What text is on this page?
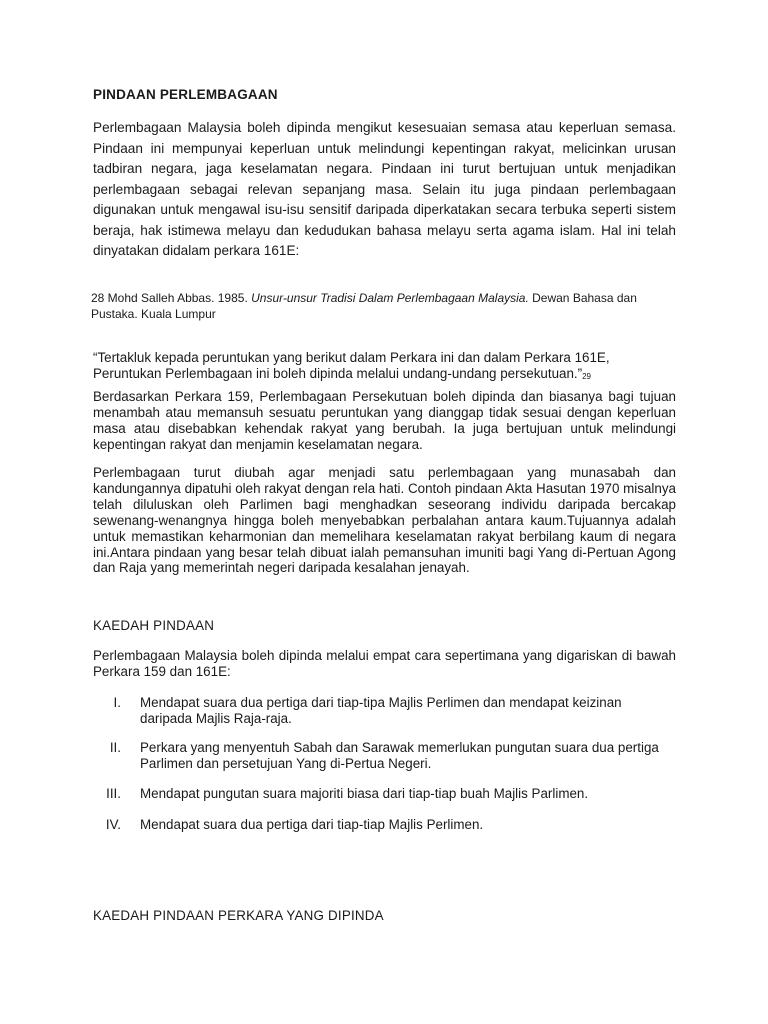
PINDAAN PERLEMBAGAAN
Perlembagaan Malaysia boleh dipinda mengikut kesesuaian semasa atau keperluan semasa. Pindaan ini mempunyai keperluan untuk melindungi kepentingan rakyat, melicinkan urusan tadbiran negara, jaga keselamatan negara. Pindaan ini turut bertujuan untuk menjadikan perlembagaan sebagai relevan sepanjang masa. Selain itu juga pindaan perlembagaan digunakan untuk mengawal isu-isu sensitif daripada diperkatakan secara terbuka seperti sistem beraja, hak istimewa melayu dan kedudukan bahasa melayu serta agama islam. Hal ini telah dinyatakan didalam perkara 161E:
28 Mohd Salleh Abbas. 1985. Unsur-unsur Tradisi Dalam Perlembagaan Malaysia. Dewan Bahasa dan Pustaka. Kuala Lumpur
“Tertakluk kepada peruntukan yang berikut dalam Perkara ini dan dalam Perkara 161E, Peruntukan Perlembagaan ini boleh dipinda melalui undang-undang persekutuan.”$^{29}$
Berdasarkan Perkara 159, Perlembagaan Persekutuan boleh dipinda dan biasanya bagi tujuan menambah atau memansuh sesuatu peruntukan yang dianggap tidak sesuai dengan keperluan masa atau disebabkan kehendak rakyat yang berubah. Ia juga bertujuan untuk melindungi kepentingan rakyat dan menjamin keselamatan negara.
Perlembagaan turut diubah agar menjadi satu perlembagaan yang munasabah dan kandungannya dipatuhi oleh rakyat dengan rela hati. Contoh pindaan Akta Hasutan 1970 misalnya telah diluluskan oleh Parlimen bagi menghadkan seseorang individu daripada bercakap sewenang-wenangnya hingga boleh menyebabkan perbalahan antara kaum.Tujuannya adalah untuk memastikan keharmonian dan memelihara keselamatan rakyat berbilang kaum di negara ini.Antara pindaan yang besar telah dibuat ialah pemansuhan imuniti bagi Yang di-Pertuan Agong dan Raja yang memerintah negeri daripada kesalahan jenayah.
KAEDAH PINDAAN
Perlembagaan Malaysia boleh dipinda melalui empat cara sepertimana yang digariskan di bawah Perkara 159 dan 161E:
I. Mendapat suara dua pertiga dari tiap-tipa Majlis Perlimen dan mendapat keizinan daripada Majlis Raja-raja.
II. Perkara yang menyentuh Sabah dan Sarawak memerlukan pungutan suara dua pertiga Parlimen dan persetujuan Yang di-Pertua Negeri.
III. Mendapat pungutan suara majoriti biasa dari tiap-tiap buah Majlis Parlimen.
IV. Mendapat suara dua pertiga dari tiap-tiap Majlis Perlimen.
KAEDAH PINDAAN PERKARA YANG DIPINDA
